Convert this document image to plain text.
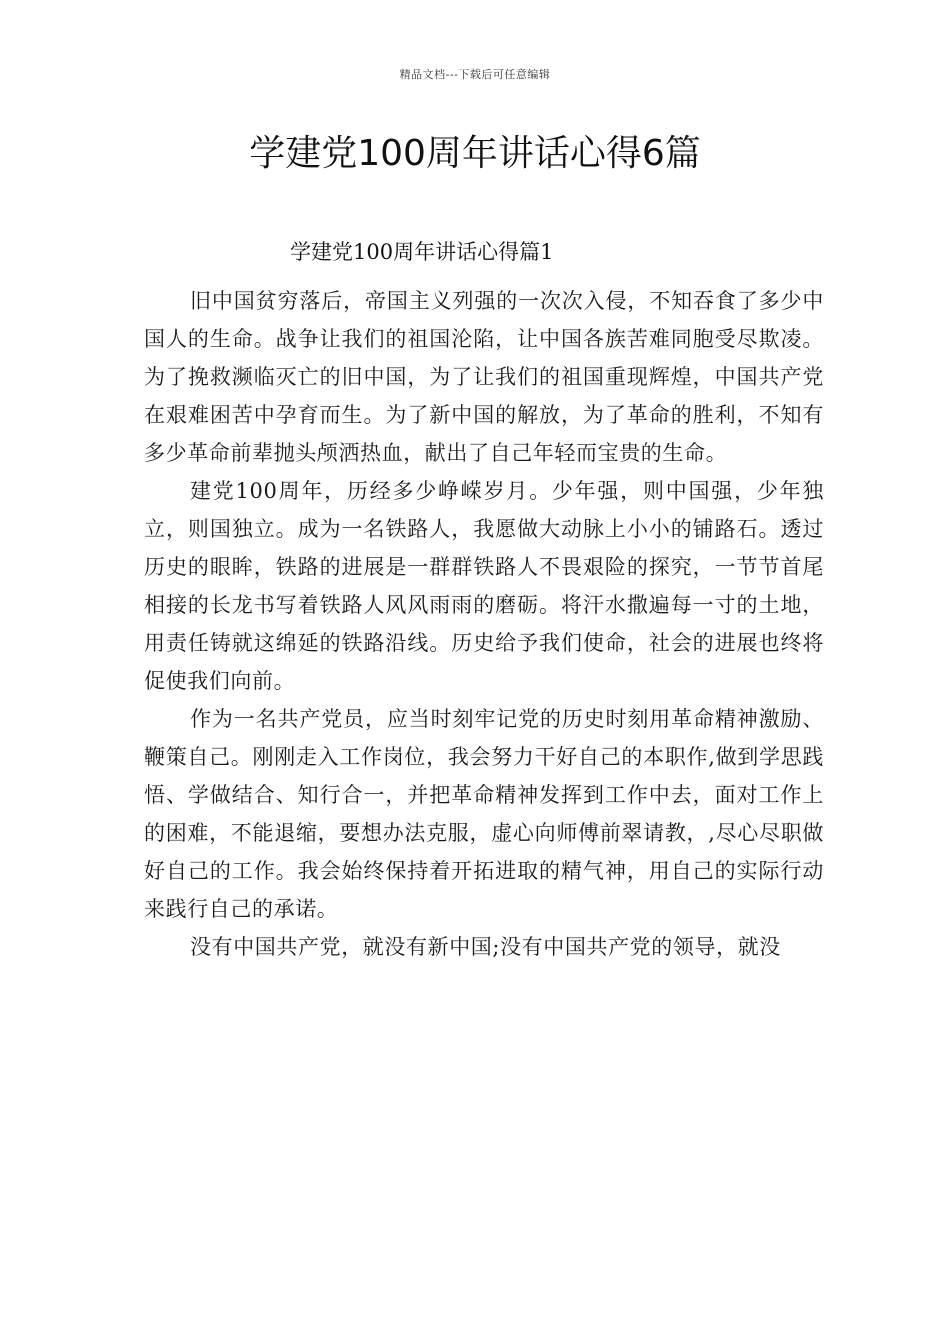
精品文档---下载后可任意编辑
学建党100周年讲话心得6篇
学建党100周年讲话心得篇1

旧中国贫穷落后，帝国主义列强的一次次入侵，不知吞食了多少中国人的生命。战争让我们的祖国沦陷，让中国各族苦难同胞受尽欺凌。为了挽救濒临灭亡的旧中国，为了让我们的祖国重现辉煌，中国共产党在艰难困苦中孕育而生。为了新中国的解放，为了革命的胜利，不知有多少革命前辈抛头颅洒热血，献出了自己年轻而宝贵的生命。

建党100周年，历经多少峥嵘岁月。少年强，则中国强，少年独立，则国独立。成为一名铁路人，我愿做大动脉上小小的铺路石。透过历史的眼眸，铁路的进展是一群群铁路人不畏艰险的探究，一节节首尾相接的长龙书写着铁路人风风雨雨的磨砺。将汗水撒遍每一寸的土地，用责任铸就这绵延的铁路沿线。历史给予我们使命，社会的进展也终将促使我们向前。

作为一名共产党员，应当时刻牢记党的历史时刻用革命精神激励、鞭策自己。刚刚走入工作岗位，我会努力干好自己的本职作,做到学思践悟、学做结合、知行合一，并把革命精神发挥到工作中去，面对工作上的困难，不能退缩，要想办法克服，虚心向师傅前翠请教，,尽心尽职做好自己的工作。我会始终保持着开拓进取的精气神，用自己的实际行动来践行自己的承诺。

没有中国共产党，就没有新中国;没有中国共产党的领导，就没
